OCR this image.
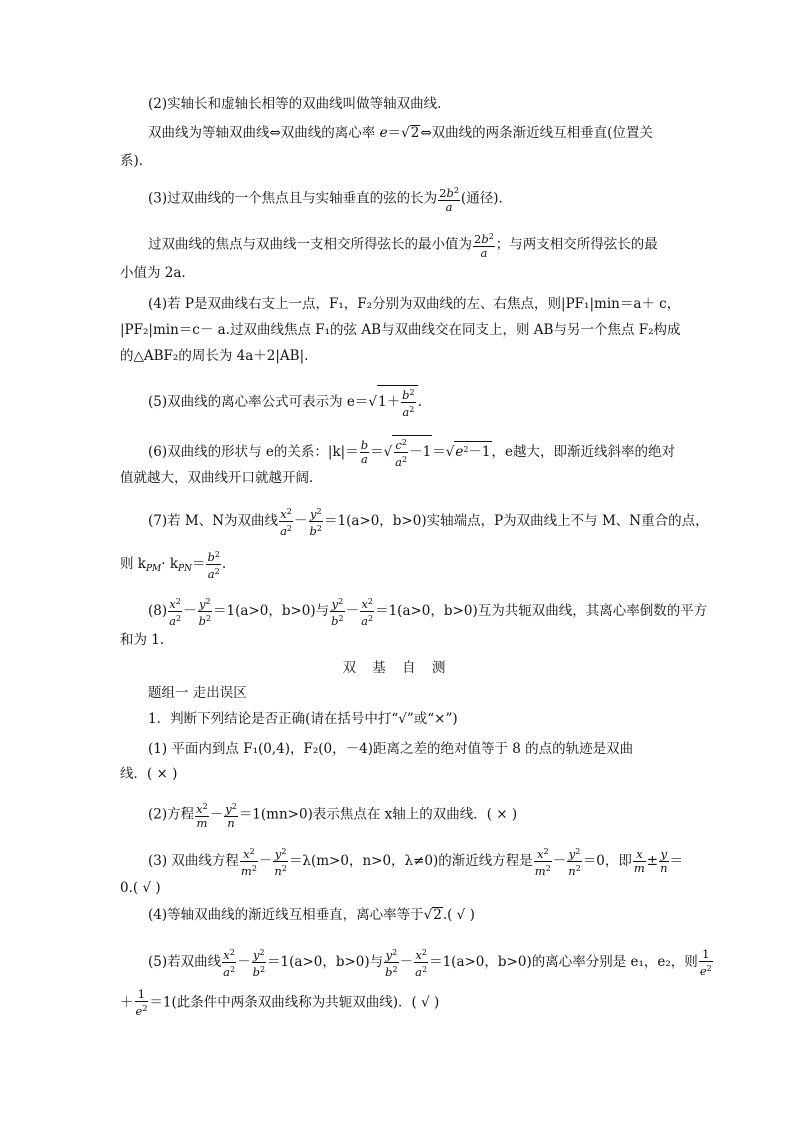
(2)实轴长和虚轴长相等的双曲线叫做等轴双曲线．
双曲线为等轴双曲线⇔双曲线的离心率 e＝√2⇔双曲线的两条渐近线互相垂直(位置关
系)．
(3)过双曲线的一个焦点且与实轴垂直的弦的长为 $\frac{2b^2}{a}$ (通径)．
过双曲线的焦点与双曲线一支相交所得弦长的最小值为 $\frac{2b^2}{a}$ ；与两支相交所得弦长的最
小值为 2a.
(4)若 P是双曲线右支上一点，F₁，F₂分别为双曲线的左、右焦点，则|PF₁|min＝a＋ c，
|PF₂|min＝c－ a.过双曲线焦点 F₁的弦 AB与双曲线交在同支上，则 AB与另一个焦点 F₂构成
的△ABF₂的周长为 4a＋2|AB|.
(5)双曲线的离心率公式可表示为 $e=√1+ \frac{b^2}{a^2}$ .
(6)双曲线的形状与 e的关系：$|k|= \frac{b}{a}$ ＝√ $\frac{c^2}{a^2} -1=√e^2-1$，e越大，即渐近线斜率的绝对
值就越大，双曲线开口就越开阔．
(7)若 M、N为双曲线 $\frac{x^2}{a^2} - \frac{y^2}{b^2} =1(a>0$，b>0)实轴端点，P为双曲线上不与 M、N重合的点，
则 $k_{PM}\cdot k_{PN}= \frac{b^2}{a^2}$ ．
$(8) \frac{x^2}{a^2} - \frac{y^2}{b^2} =1(a>0$，b>0)与 $\frac{y^2}{b^2} - \frac{x^2}{a^2} =1(a>0$，b>0)互为共轭双曲线，其离心率倒数的平方
和为 1.
双 基 自 测
题组一 走出误区
1．判断下列结论是否正确(请在括号中打“√”或“×”)
(1) 平面内到点 F₁(0,4)，F₂(0，－4)距离之差的绝对值等于 8 的点的轨迹是双曲
线．( × )
(2)方程 $\frac{x^2}{m} - \frac{y^2}{n} =1(mn>0)$表示焦点在 x轴上的双曲线．( × )
(3) 双曲线方程 $\frac{x^2}{m^2} - \frac{y^2}{n^2} =\lambda(m>0$，n>0，λ≠0)的渐近线方程是 $\frac{x^2}{m^2} - \frac{y^2}{n^2} =0$，即 $\frac{x}{m} \pm \frac{y}{n}$ ＝
0.( √ )
(4)等轴双曲线的渐近线互相垂直，离心率等于√2.( √ )
(5)若双曲线 $\frac{x^2}{a^2} - \frac{y^2}{b^2} =1(a>0$，b>0)与 $\frac{y^2}{b^2} - \frac{x^2}{a^2} =1(a>0$，b>0)的离心率分别是 e₁，e₂，则 $\frac{1}{e^2}$
＋ $\frac{1}{e^2} =1$(此条件中两条双曲线称为共轭双曲线)．( √ )
